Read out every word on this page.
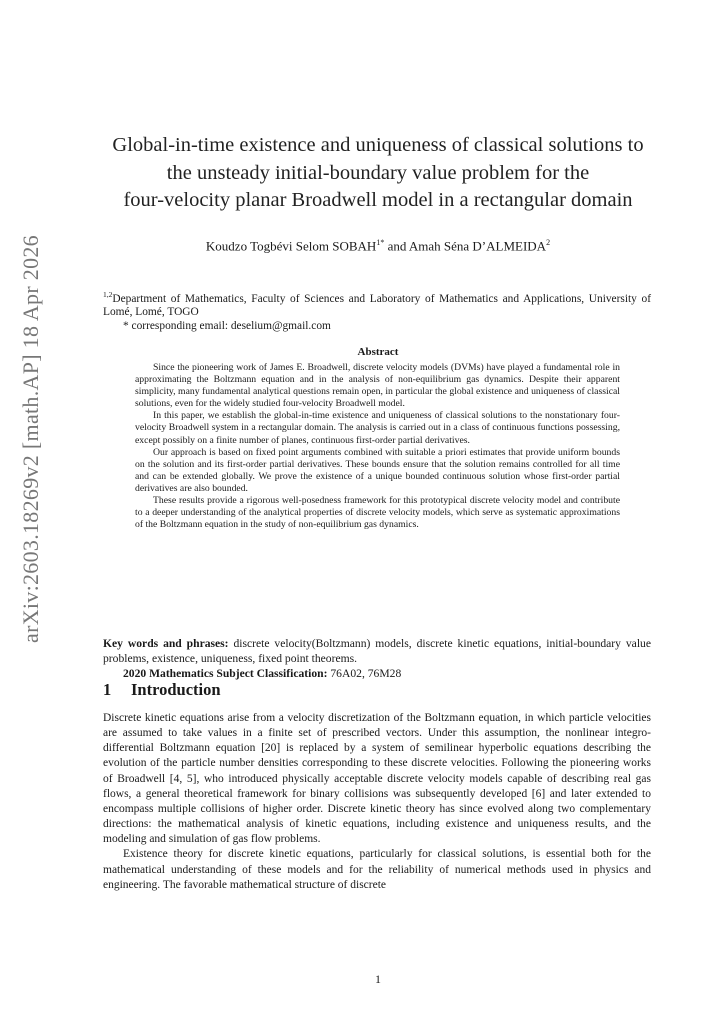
arXiv:2603.18269v2 [math.AP] 18 Apr 2026
Global-in-time existence and uniqueness of classical solutions to
the unsteady initial-boundary value problem for the
four-velocity planar Broadwell model in a rectangular domain
Koudzo Togbévi Selom $SOBAH^{1*}$ and Amah Séna D’ALMEIDA$^2$
$^{1,2}$Department of Mathematics, Faculty of Sciences and Laboratory of Mathematics and Applications, University of Lomé, Lomé, TOGO
* corresponding email: deselium@gmail.com
Abstract

Since the pioneering work of James E. Broadwell, discrete velocity models (DVMs) have played a fundamental role in approximating the Boltzmann equation and in the analysis of non-equilibrium gas dynamics. Despite their apparent simplicity, many fundamental analytical questions remain open, in particular the global existence and uniqueness of classical solutions, even for the widely studied four-velocity Broadwell model.

In this paper, we establish the global-in-time existence and uniqueness of classical solutions to the nonstationary four-velocity Broadwell system in a rectangular domain. The analysis is carried out in a class of continuous functions possessing, except possibly on a finite number of planes, continuous first-order partial derivatives.

Our approach is based on fixed point arguments combined with suitable a priori estimates that provide uniform bounds on the solution and its first-order partial derivatives. These bounds ensure that the solution remains controlled for all time and can be extended globally. We prove the existence of a unique bounded continuous solution whose first-order partial derivatives are also bounded.

These results provide a rigorous well-posedness framework for this prototypical discrete velocity model and contribute to a deeper understanding of the analytical properties of discrete velocity models, which serve as systematic approximations of the Boltzmann equation in the study of non-equilibrium gas dynamics.

Key words and phrases: discrete velocity(Boltzmann) models, discrete kinetic equations, initial-boundary value problems, existence, uniqueness, fixed point theorems.
2020 Mathematics Subject Classification: 76A02, 76M28
1 Introduction

Discrete kinetic equations arise from a velocity discretization of the Boltzmann equation, in which particle velocities are assumed to take values in a finite set of prescribed vectors. Under this assumption, the nonlinear integro-differential Boltzmann equation [20] is replaced by a system of semilinear hyperbolic equations describing the evolution of the particle number densities corresponding to these discrete velocities. Following the pioneering works of Broadwell [4, 5], who introduced physically acceptable discrete velocity models capable of describing real gas flows, a general theoretical framework for binary collisions was subsequently developed [6] and later extended to encompass multiple collisions of higher order. Discrete kinetic theory has since evolved along two complementary directions: the mathematical analysis of kinetic equations, including existence and uniqueness results, and the modeling and simulation of gas flow problems.

Existence theory for discrete kinetic equations, particularly for classical solutions, is essential both for the mathematical understanding of these models and for the reliability of numerical methods used in physics and engineering. The favorable mathematical structure of discrete

1
